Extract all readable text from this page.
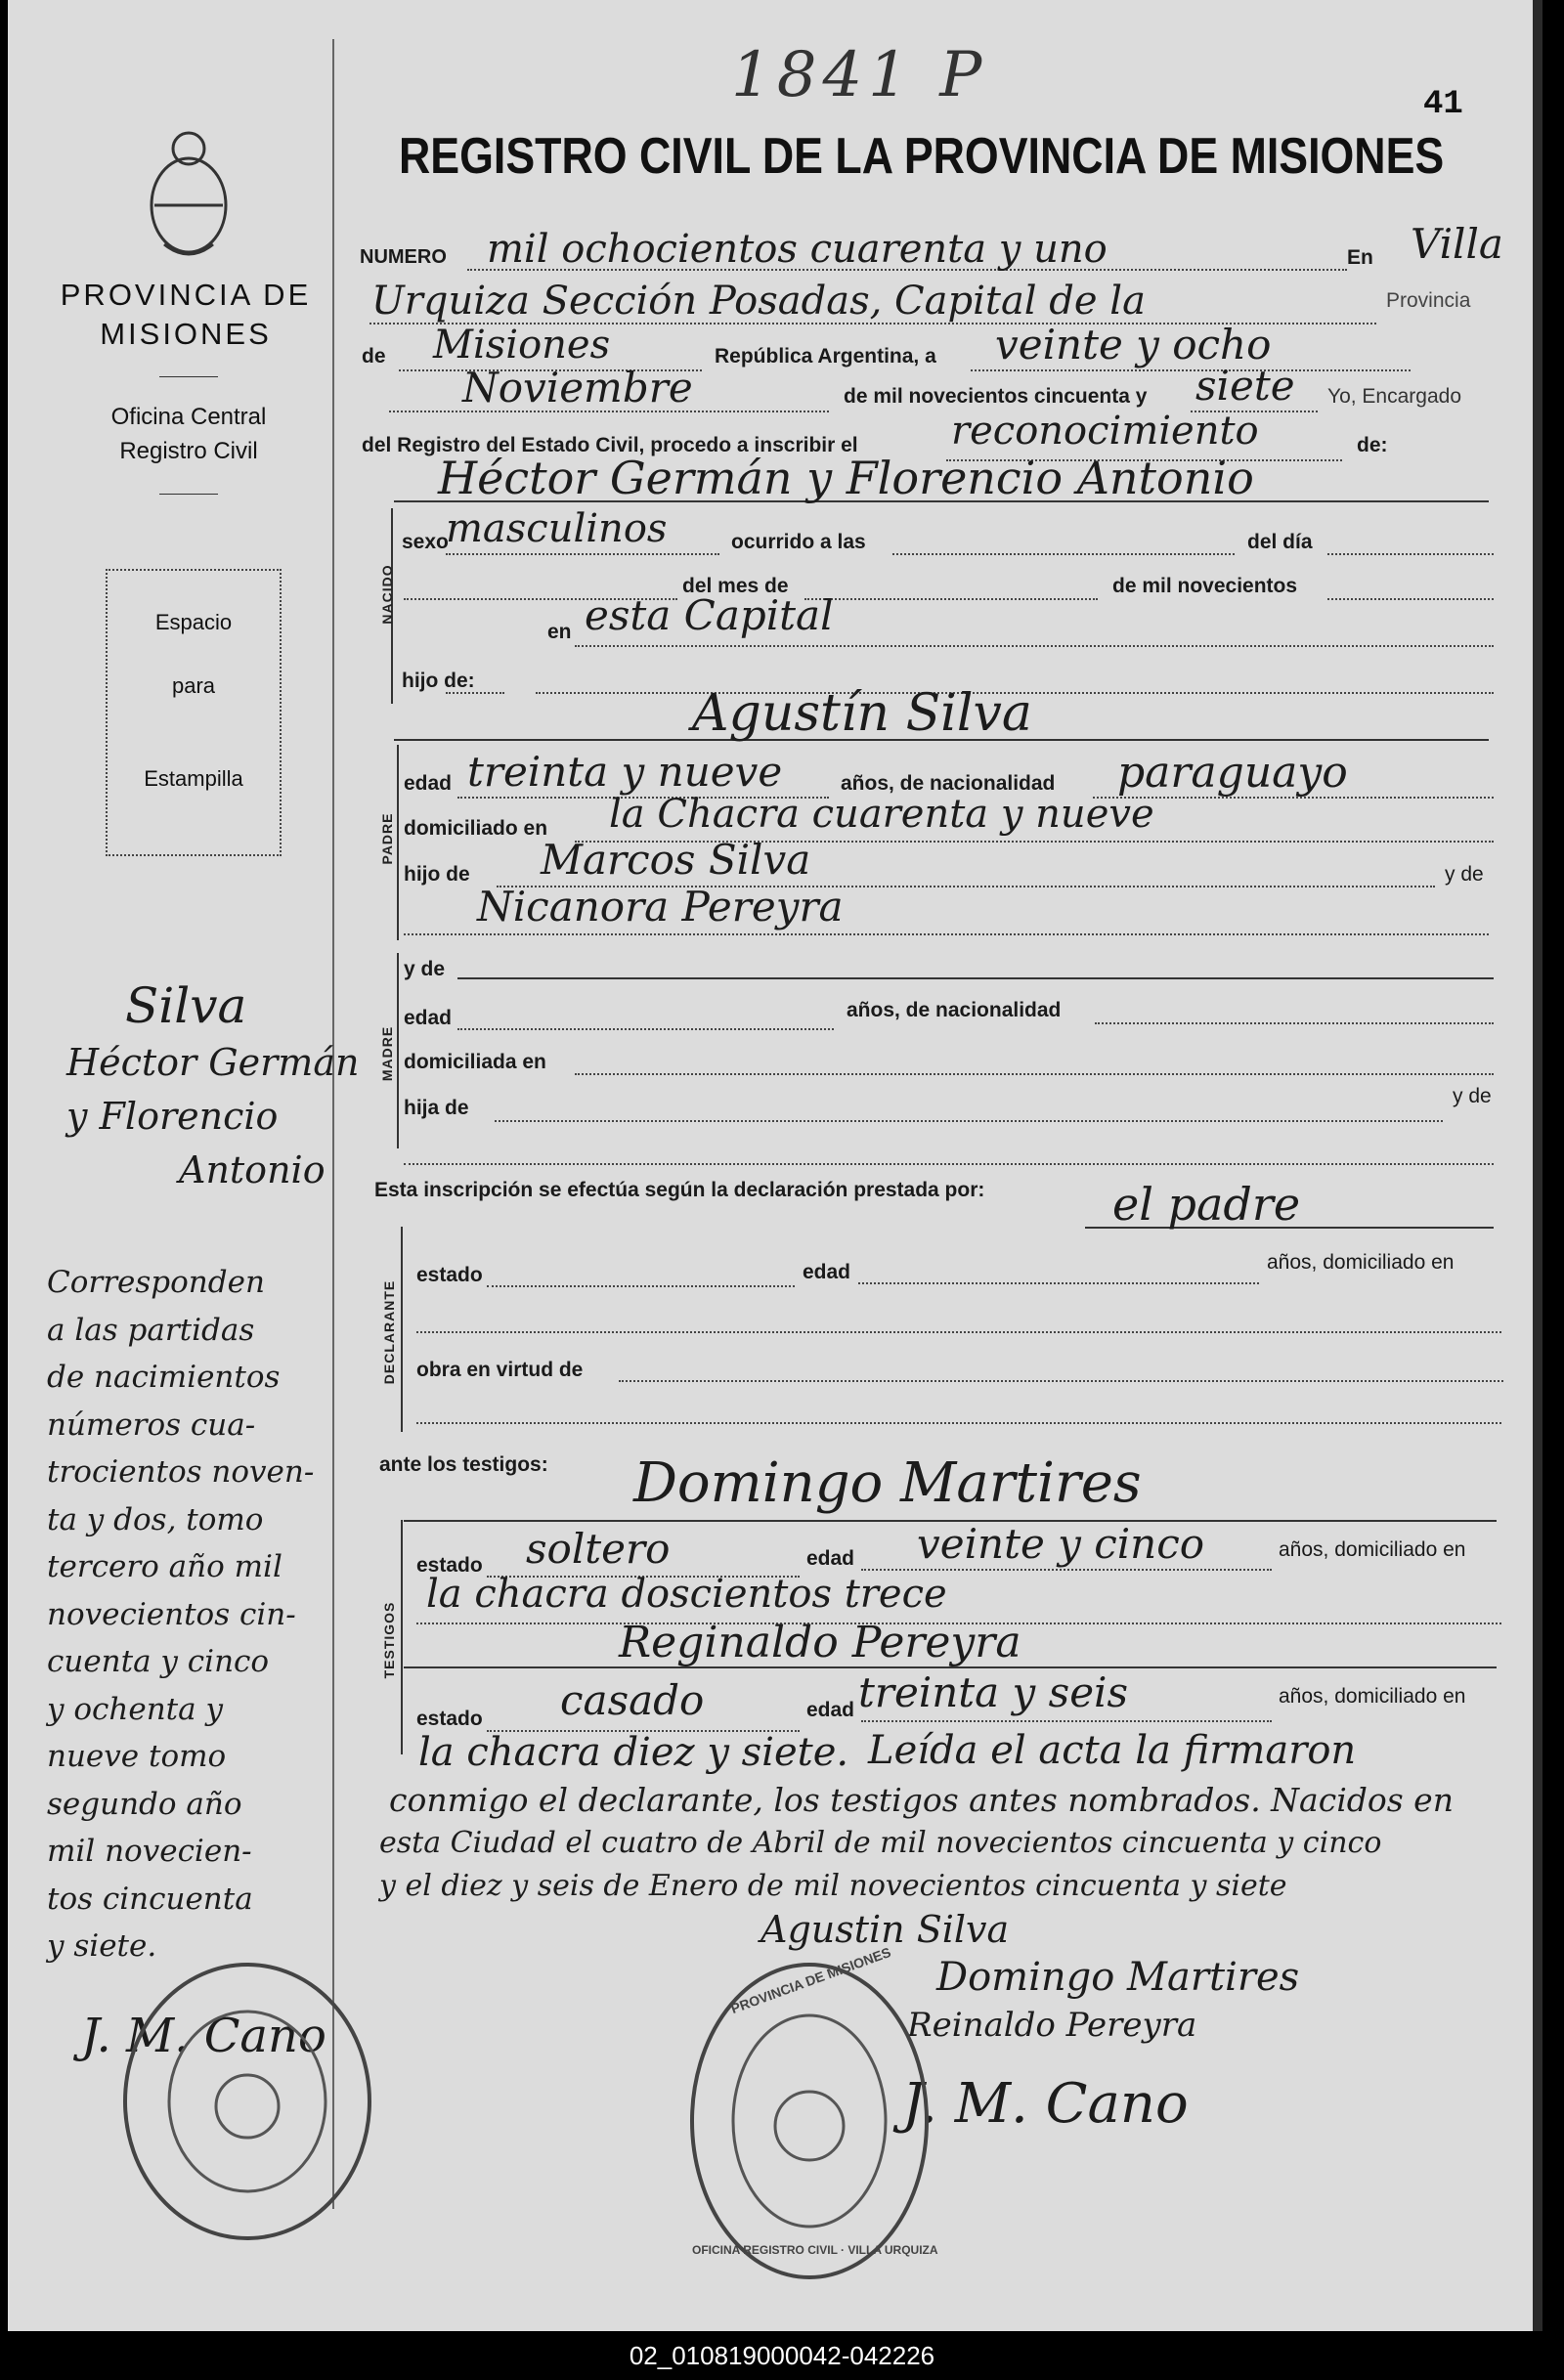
1841 P	41
REGISTRO CIVIL DE LA PROVINCIA DE MISIONES
PROVINCIA DE MISIONES
Oficina Central
Registro Civil
Espacio
para
Estampilla
Silva
Héctor Germán
y Florencio
Antonio
Corresponden
a las partidas
de nacimientos
números cua-
trocientos noven-
ta y dos, tomo
tercero año mil
novecientos cin-
cuenta y cinco
y ochenta y
nueve tomo
segundo año
mil novecien-
tos cincuenta
y siete.
NUMERO mil ochocientos cuarenta y uno	En Villa
Urquiza Sección Posadas, Capital de la	Provincia
de Misiones	República Argentina, a veinte y ocho
Noviembre	de mil novecientos cincuenta y siete Yo, Encargado
del Registro del Estado Civil, procedo a inscribir el reconocimiento	de:
Héctor Germán y Florencio Antonio
NACIDO
sexo
masculinos	ocurrido a las	del día
del mes de	de mil novecientos
en esta Capital
hijo de:
Agustín Silva
PADRE
edad treinta y nueve	años, de nacionalidad paraguayo
domiciliado en la Chacra cuarenta y nueve
hijo de Marcos Silva	y de
Nicanora Pereyra
MADRE
y de
edad	años, de nacionalidad
domiciliada en
hija de
y de
Esta inscripción se efectúa según la declaración prestada por:	el padre
DECLARANTE
estado	edad	años, domiciliado en
obra en virtud de
ante los testigos: Domingo Martires
TESTIGOS
estado soltero	edad veinte y cinco	años, domiciliado en
la chacra doscientos trece
Reginaldo Pereyra
estado casado	edad treinta y seis	años, domiciliado en
la chacra diez y siete. Leída el acta la firmaron
conmigo el declarante, los testigos antes nombrados. Nacidos en
esta Ciudad el cuatro de Abril de mil novecientos cincuenta y cinco
y el diez y seis de Enero de mil novecientos cincuenta y siete
Agustin Silva
Domingo Martires
Reinaldo Pereyra
J. M. Cano
J. M. Cano
PROVINCIA DE MISIONES
OFICINA REGISTRO CIVIL · VILLA URQUIZA
02_010819000042-042226
